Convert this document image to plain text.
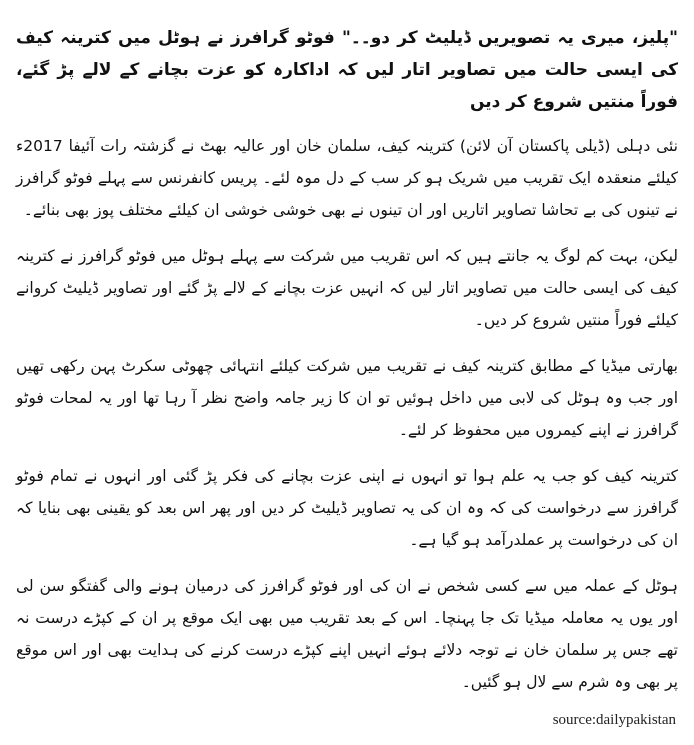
"پلیز، میری یہ تصویریں ڈیلیٹ کر دو۔۔" فوٹو گرافرز نے ہوٹل میں کترینہ کیف کی ایسی حالت میں تصاویر اتار لیں کہ اداکارہ کو عزت بچانے کے لالے پڑ گئے، فوراً منتیں شروع کر دیں
نئی دہلی (ڈیلی پاکستان آن لائن) کترینہ کیف، سلمان خان اور عالیہ بھٹ نے گزشتہ رات آئیفا 2017ء کیلئے منعقدہ ایک تقریب میں شریک ہو کر سب کے دل موہ لئے۔ پریس کانفرنس سے پہلے فوٹو گرافرز نے تینوں کی بے تحاشا تصاویر اتاریں اور ان تینوں نے بھی خوشی خوشی ان کیلئے مختلف پوز بھی بنائے۔
لیکن، بہت کم لوگ یہ جانتے ہیں کہ اس تقریب میں شرکت سے پہلے ہوٹل میں فوٹو گرافرز نے کترینہ کیف کی ایسی حالت میں تصاویر اتار لیں کہ انہیں عزت بچانے کے لالے پڑ گئے اور تصاویر ڈیلیٹ کروانے کیلئے فوراً منتیں شروع کر دیں۔
بھارتی میڈیا کے مطابق کترینہ کیف نے تقریب میں شرکت کیلئے انتہائی چھوٹی سکرٹ پہن رکھی تھیں اور جب وہ ہوٹل کی لابی میں داخل ہوئیں تو ان کا زیر جامہ واضح نظر آ رہا تھا اور یہ لمحات فوٹو گرافرز نے اپنے کیمروں میں محفوظ کر لئے۔
کترینہ کیف کو جب یہ علم ہوا تو انہوں نے اپنی عزت بچانے کی فکر پڑ گئی اور انہوں نے تمام فوٹو گرافرز سے درخواست کی کہ وہ ان کی یہ تصاویر ڈیلیٹ کر دیں اور پھر اس بعد کو یقینی بھی بنایا کہ ان کی درخواست پر عملدرآمد ہو گیا ہے۔
ہوٹل کے عملہ میں سے کسی شخص نے ان کی اور فوٹو گرافرز کی درمیان ہونے والی گفتگو سن لی اور یوں یہ معاملہ میڈیا تک جا پہنچا۔ اس کے بعد تقریب میں بھی ایک موقع پر ان کے کپڑے درست نہ تھے جس پر سلمان خان نے توجہ دلائے ہوئے انہیں اپنے کپڑے درست کرنے کی ہدایت بھی اور اس موقع پر بھی وہ شرم سے لال ہو گئیں۔
source:dailypakistan
